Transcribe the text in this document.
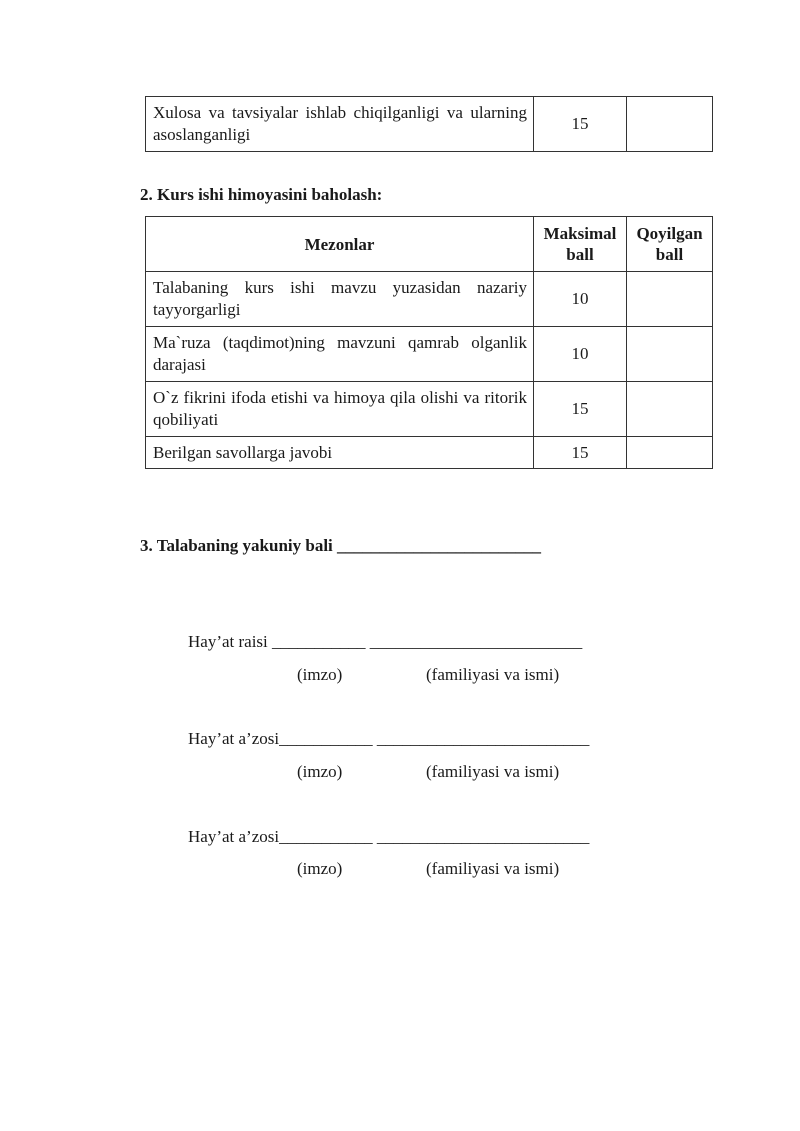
Xulosa va tavsiyalar ishlab chiqilganligi va ularning asoslanganligi	15	
2. Kurs ishi himoyasini baholash:
Mezonlar	Maksimal ball	Qoyilgan ball
Talabaning kurs ishi mavzu yuzasidan nazariy tayyorgarligi	10	
Ma`ruza (taqdimot)ning mavzuni qamrab olganlik darajasi	10	
O`z fikrini ifoda etishi va himoya qila olishi va ritorik qobiliyati	15	
Berilgan savollarga javobi	15	
3. Talabaning yakuniy bali ________________________
Hay’at raisi ___________ _________________________
(imzo)	(familiyasi va ismi)
Hay’at a’zosi___________ _________________________
(imzo)	(familiyasi va ismi)
Hay’at a’zosi___________ _________________________
(imzo)	(familiyasi va ismi)
